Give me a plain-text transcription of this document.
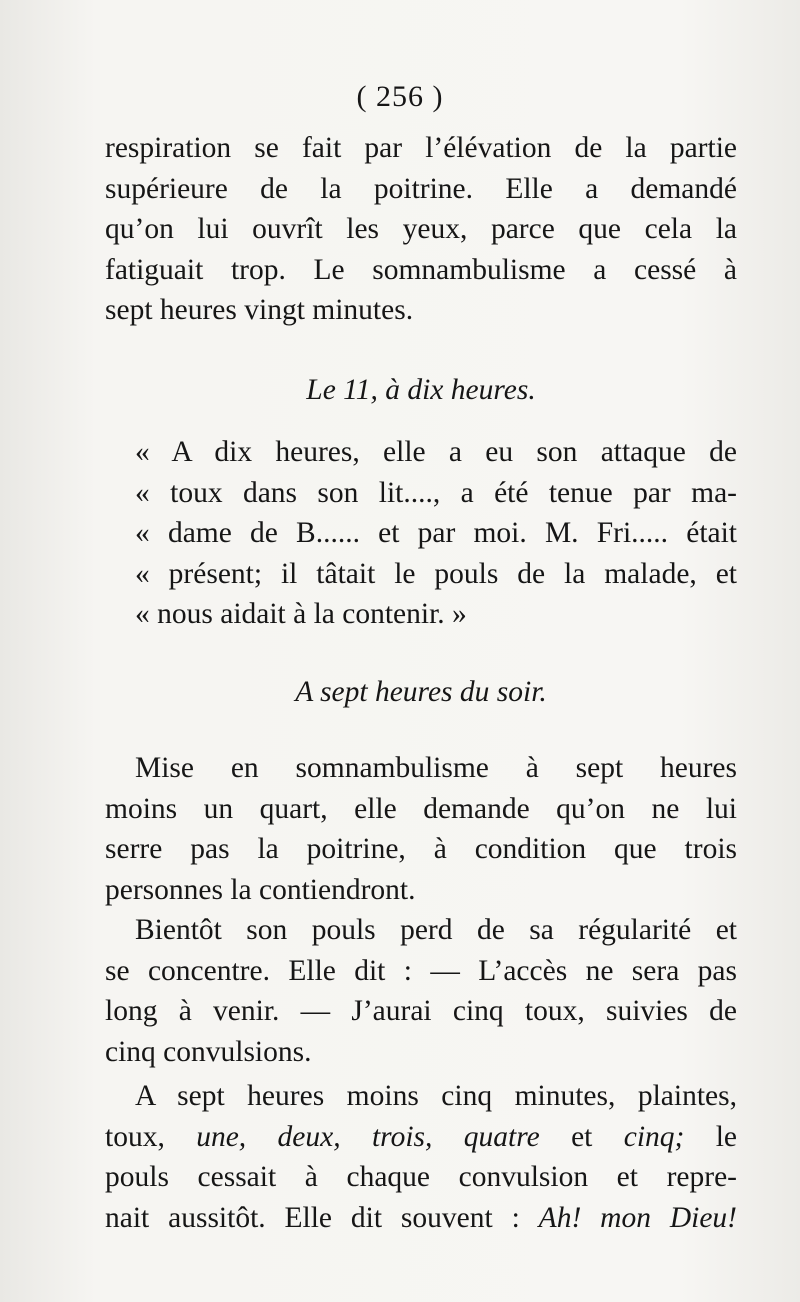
( 256 )
respiration se fait par l’élévation de la partie
supérieure de la poitrine. Elle a demandé
qu’on lui ouvrît les yeux, parce que cela la
fatiguait trop. Le somnambulisme a cessé à
sept heures vingt minutes.
Le 11, à dix heures.
« A dix heures, elle a eu son attaque de
« toux dans son lit...., a été tenue par ma-
« dame de B...... et par moi. M. Fri..... était
« présent; il tâtait le pouls de la malade, et
« nous aidait à la contenir. »
A sept heures du soir.
Mise en somnambulisme à sept heures
moins un quart, elle demande qu’on ne lui
serre pas la poitrine, à condition que trois
personnes la contiendront.
Bientôt son pouls perd de sa régularité et
se concentre. Elle dit : — L’accès ne sera pas
long à venir. — J’aurai cinq toux, suivies de
cinq convulsions.
A sept heures moins cinq minutes, plaintes,
toux, une, deux, trois, quatre et cinq; le
pouls cessait à chaque convulsion et repre-
nait aussitôt. Elle dit souvent : Ah! mon Dieu!
